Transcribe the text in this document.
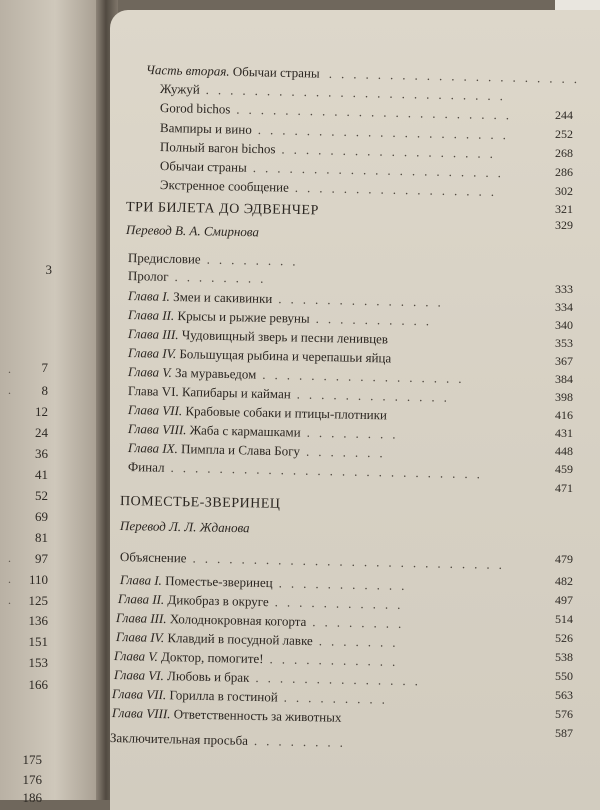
3
7
8
12
24
36
41
52
69
81
97
110
125
136
151
153
166
175
176
186
.
.
.
.
.
Часть вторая. Обычаи страны .....................
Жужуй .........................
Gorod bichos .......................
Вампиры и вино .....................
Полный вагон bichos ..................
Обычаи страны .....................
Экстренное сообщение .................
244
252
268
286
302
321
329
ТРИ БИЛЕТА ДО ЭДВЕНЧЕР
Перевод В. А. Смирнова
Предисловие ........
Пролог ........
Глава I. Змеи и сакивинки ..............
Глава II. Крысы и рыжие ревуны ..........
Глава III. Чудовищный зверь и песни ленивцев
Глава IV. Большущая рыбина и черепашьи яйца
Глава V. За муравьедом .................
Глава VI. Капибары и кайман .............
Глава VII. Крабовые собаки и птицы-плотники
Глава VIII. Жаба с кармашками ........
Глава IX. Пимпла и Слава Богу .......
Финал ..........................
333
334
340
353
367
384
398
416
431
448
459
471
ПОМЕСТЬЕ-ЗВЕРИНЕЦ
Перевод Л. Л. Жданова
Объяснение ..........................	479
Глава I. Поместье-зверинец ...........
Глава II. Дикобраз в округе ...........
Глава III. Холоднокровная когорта ........
Глава IV. Клавдий в посудной лавке .......
Глава V. Доктор, помогите! ...........
Глава VI. Любовь и брак ..............
Глава VII. Горилла в гостиной .........
Глава VIII. Ответственность за животных
Заключительная просьба ........
482
497
514
526
538
550
563
576
587
